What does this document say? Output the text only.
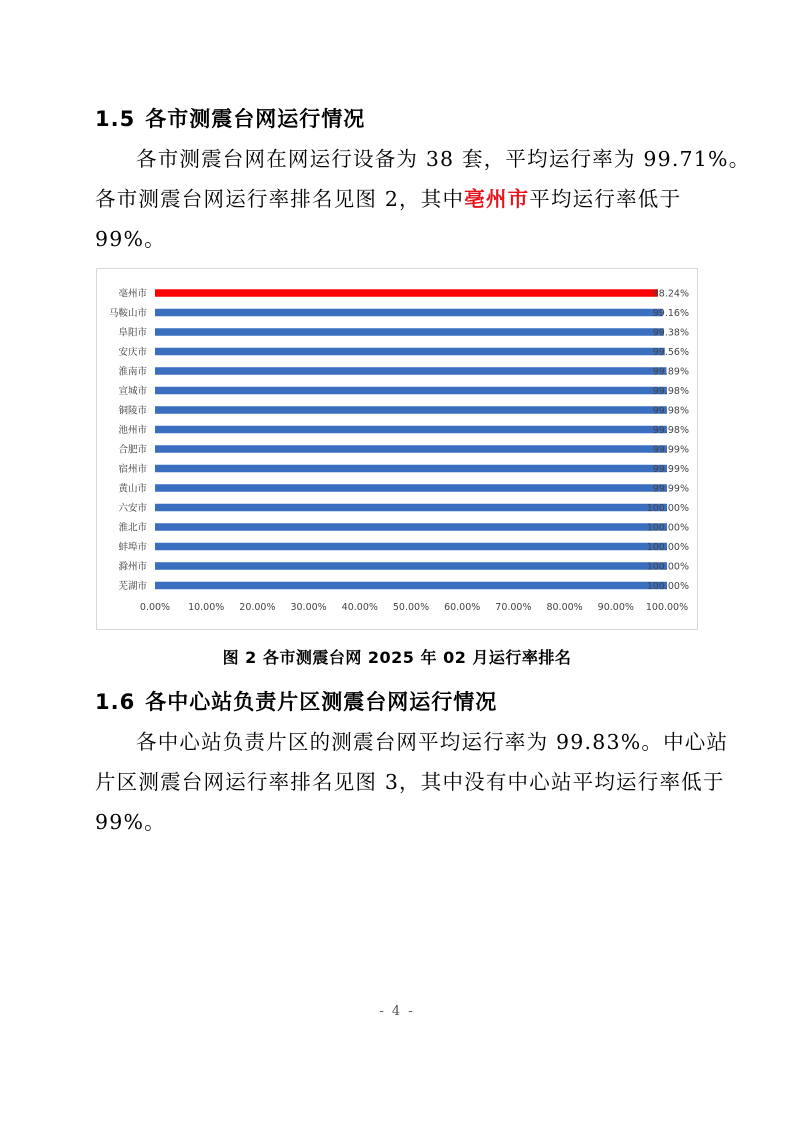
1.5 各市测震台网运行情况

各市测震台网在网运行设备为 38 套，平均运行率为 99.71%。

各市测震台网运行率排名见图 2，其中亳州市平均运行率低于

99%。

亳州市	98.24%
马鞍山市	99.16%
阜阳市	99.38%
安庆市	99.56%
淮南市	99.89%
宣城市	99.98%
铜陵市	99.98%
池州市	99.98%
合肥市	99.99%
宿州市	99.99%
黄山市	99.99%
六安市	100.00%
淮北市	100.00%
蚌埠市	100.00%
滁州市	100.00%
芜湖市	100.00%
0.00% 10.00% 20.00% 30.00% 40.00% 50.00% 60.00% 70.00% 80.00% 90.00% 100.00%
图 2 各市测震台网 2025 年 02 月运行率排名
1.6 各中心站负责片区测震台网运行情况

各中心站负责片区的测震台网平均运行率为 99.83%。中心站

片区测震台网运行率排名见图 3，其中没有中心站平均运行率低于

99%。

- 4 -
